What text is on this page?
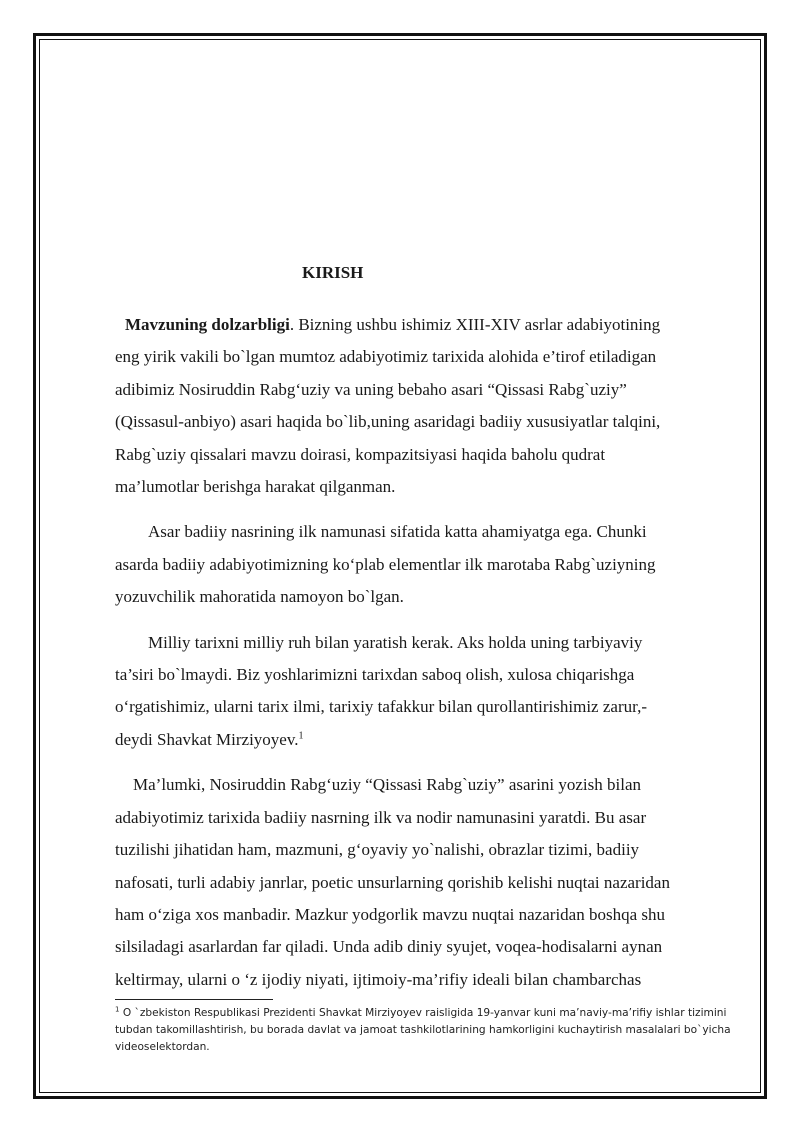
KIRISH

Mavzuning dolzarbligi. Bizning ushbu ishimiz XIII-XIV asrlar adabiyotining
eng yirik vakili bo`lgan mumtoz adabiyotimiz tarixida alohida e’tirof etiladigan
adibimiz Nosiruddin Rabg‘uziy va uning bebaho asari “Qissasi Rabg`uziy”
(Qissasul-anbiyo) asari haqida bo`lib,uning asaridagi badiiy xususiyatlar talqini,
Rabg`uziy qissalari mavzu doirasi, kompazitsiyasi haqida baholu qudrat
ma’lumotlar berishga harakat qilganman.

Asar badiiy nasrining ilk namunasi sifatida katta ahamiyatga ega. Chunki
asarda badiiy adabiyotimizning ko‘plab elementlar ilk marotaba Rabg`uziyning
yozuvchilik mahoratida namoyon bo`lgan.

Milliy tarixni milliy ruh bilan yaratish kerak. Aks holda uning tarbiyaviy
ta’siri bo`lmaydi. Biz yoshlarimizni tarixdan saboq olish, xulosa chiqarishga
o‘rgatishimiz, ularni tarix ilmi, tarixiy tafakkur bilan qurollantirishimiz zarur,-
deydi Shavkat Mirziyoyev.$^1$

Ma’lumki, Nosiruddin Rabg‘uziy “Qissasi Rabg`uziy” asarini yozish bilan
adabiyotimiz tarixida badiiy nasrning ilk va nodir namunasini yaratdi. Bu asar
tuzilishi jihatidan ham, mazmuni, g‘oyaviy yo`nalishi, obrazlar tizimi, badiiy
nafosati, turli adabiy janrlar, poetic unsurlarning qorishib kelishi nuqtai nazaridan
ham o‘ziga xos manbadir. Mazkur yodgorlik mavzu nuqtai nazaridan boshqa shu
silsiladagi asarlardan far qiladi. Unda adib diniy syujet, voqea-hodisalarni aynan
keltirmay, ularni o ‘z ijodiy niyati, ijtimoiy-ma’rifiy ideali bilan chambarchas

$^1$ O `zbekiston Respublikasi Prezidenti Shavkat Mirziyoyev raisligida 19-yanvar kuni ma’naviy-ma’rifiy ishlar tizimini
tubdan takomillashtirish, bu borada davlat va jamoat tashkilotlarining hamkorligini kuchaytirish masalalari bo`yicha
videoselektordan.
